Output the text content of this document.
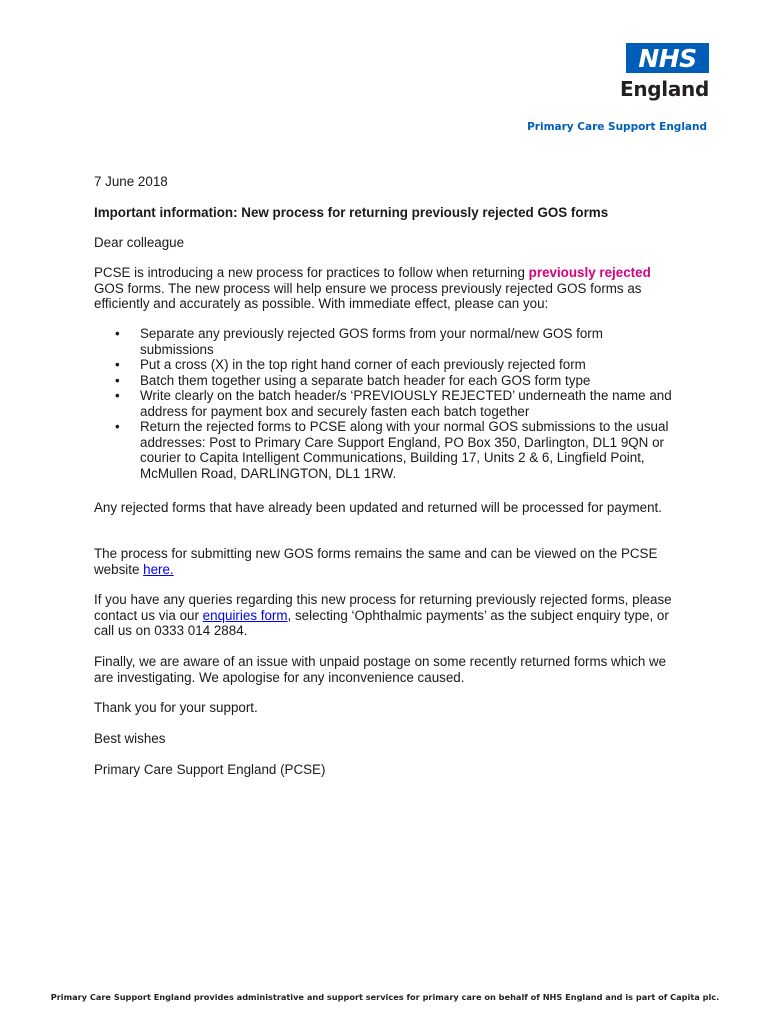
NHS
England
Primary Care Support England

7 June 2018

Important information: New process for returning previously rejected GOS forms

Dear colleague

PCSE is introducing a new process for practices to follow when returning previously rejected GOS forms. The new process will help ensure we process previously rejected GOS forms as efficiently and accurately as possible. With immediate effect, please can you:

• Separate any previously rejected GOS forms from your normal/new GOS form submissions
• Put a cross (X) in the top right hand corner of each previously rejected form
• Batch them together using a separate batch header for each GOS form type
• Write clearly on the batch header/s ‘PREVIOUSLY REJECTED’ underneath the name and address for payment box and securely fasten each batch together
• Return the rejected forms to PCSE along with your normal GOS submissions to the usual addresses: Post to Primary Care Support England, PO Box 350, Darlington, DL1 9QN or courier to Capita Intelligent Communications, Building 17, Units 2 & 6, Lingfield Point, McMullen Road, DARLINGTON, DL1 1RW.

Any rejected forms that have already been updated and returned will be processed for payment.

The process for submitting new GOS forms remains the same and can be viewed on the PCSE website here.

If you have any queries regarding this new process for returning previously rejected forms, please contact us via our enquiries form, selecting ‘Ophthalmic payments’ as the subject enquiry type, or call us on 0333 014 2884.

Finally, we are aware of an issue with unpaid postage on some recently returned forms which we are investigating. We apologise for any inconvenience caused.

Thank you for your support.

Best wishes

Primary Care Support England (PCSE)

Primary Care Support England provides administrative and support services for primary care on behalf of NHS England and is part of Capita plc.
